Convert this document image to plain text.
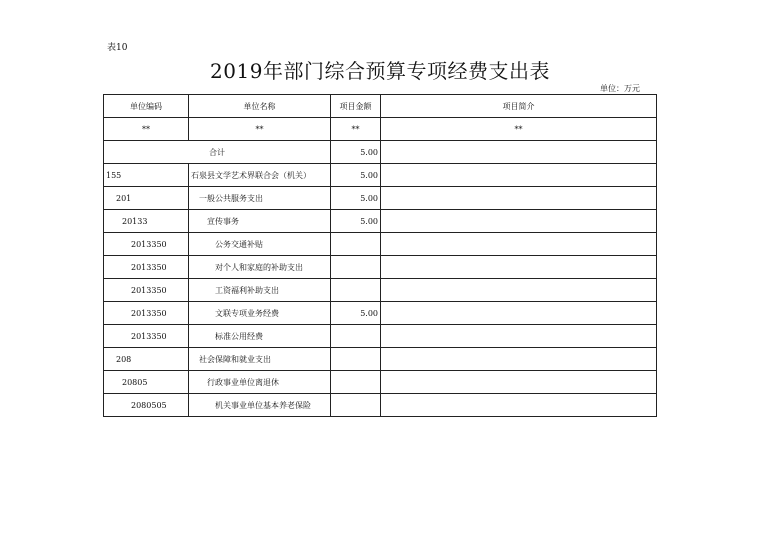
表10
2019年部门综合预算专项经费支出表
单位：万元
单位编码	单位名称	项目金额	项目简介
**	**	**	**
合计		5.00	
155	石泉县文学艺术界联合会（机关）	5.00	
201	一般公共服务支出	5.00	
20133	宣传事务	5.00	
2013350	公务交通补贴		
2013350	对个人和家庭的补助支出		
2013350	工资福利补助支出		
2013350	文联专项业务经费	5.00	
2013350	标准公用经费		
208	社会保障和就业支出		
20805	行政事业单位离退休		
2080505	机关事业单位基本养老保险		
